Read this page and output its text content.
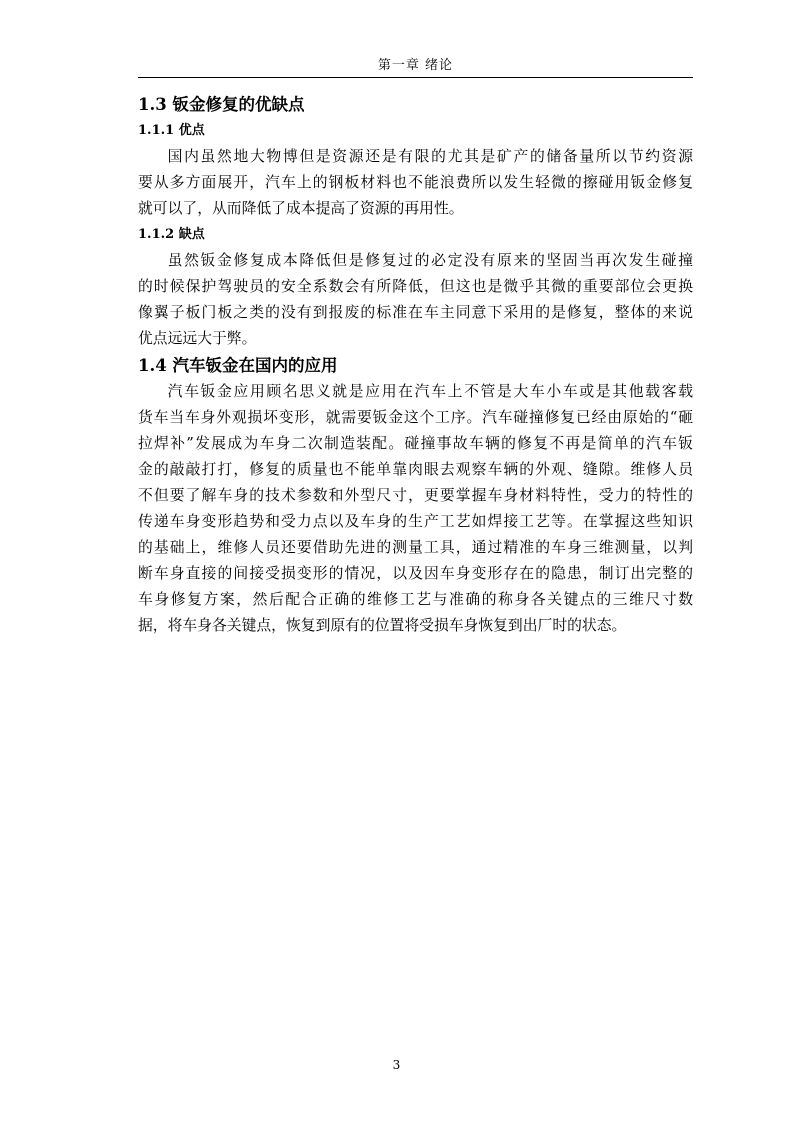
第一章 绪论
1.3 钣金修复的优缺点
1.1.1 优点
国内虽然地大物博但是资源还是有限的尤其是矿产的储备量所以节约资源
要从多方面展开，汽车上的钢板材料也不能浪费所以发生轻微的擦碰用钣金修复
就可以了，从而降低了成本提高了资源的再用性。
1.1.2 缺点
虽然钣金修复成本降低但是修复过的必定没有原来的坚固当再次发生碰撞
的时候保护驾驶员的安全系数会有所降低，但这也是微乎其微的重要部位会更换
像翼子板门板之类的没有到报废的标准在车主同意下采用的是修复，整体的来说
优点远远大于弊。
1.4 汽车钣金在国内的应用
汽车钣金应用顾名思义就是应用在汽车上不管是大车小车或是其他载客载
货车当车身外观损坏变形，就需要钣金这个工序。汽车碰撞修复已经由原始的“砸
拉焊补”发展成为车身二次制造装配。碰撞事故车辆的修复不再是简单的汽车钣
金的敲敲打打，修复的质量也不能单靠肉眼去观察车辆的外观、缝隙。维修人员
不但要了解车身的技术参数和外型尺寸，更要掌握车身材料特性，受力的特性的
传递车身变形趋势和受力点以及车身的生产工艺如焊接工艺等。在掌握这些知识
的基础上，维修人员还要借助先进的测量工具，通过精准的车身三维测量，以判
断车身直接的间接受损变形的情况，以及因车身变形存在的隐患，制订出完整的
车身修复方案，然后配合正确的维修工艺与准确的称身各关键点的三维尺寸数
据，将车身各关键点，恢复到原有的位置将受损车身恢复到出厂时的状态。
3
